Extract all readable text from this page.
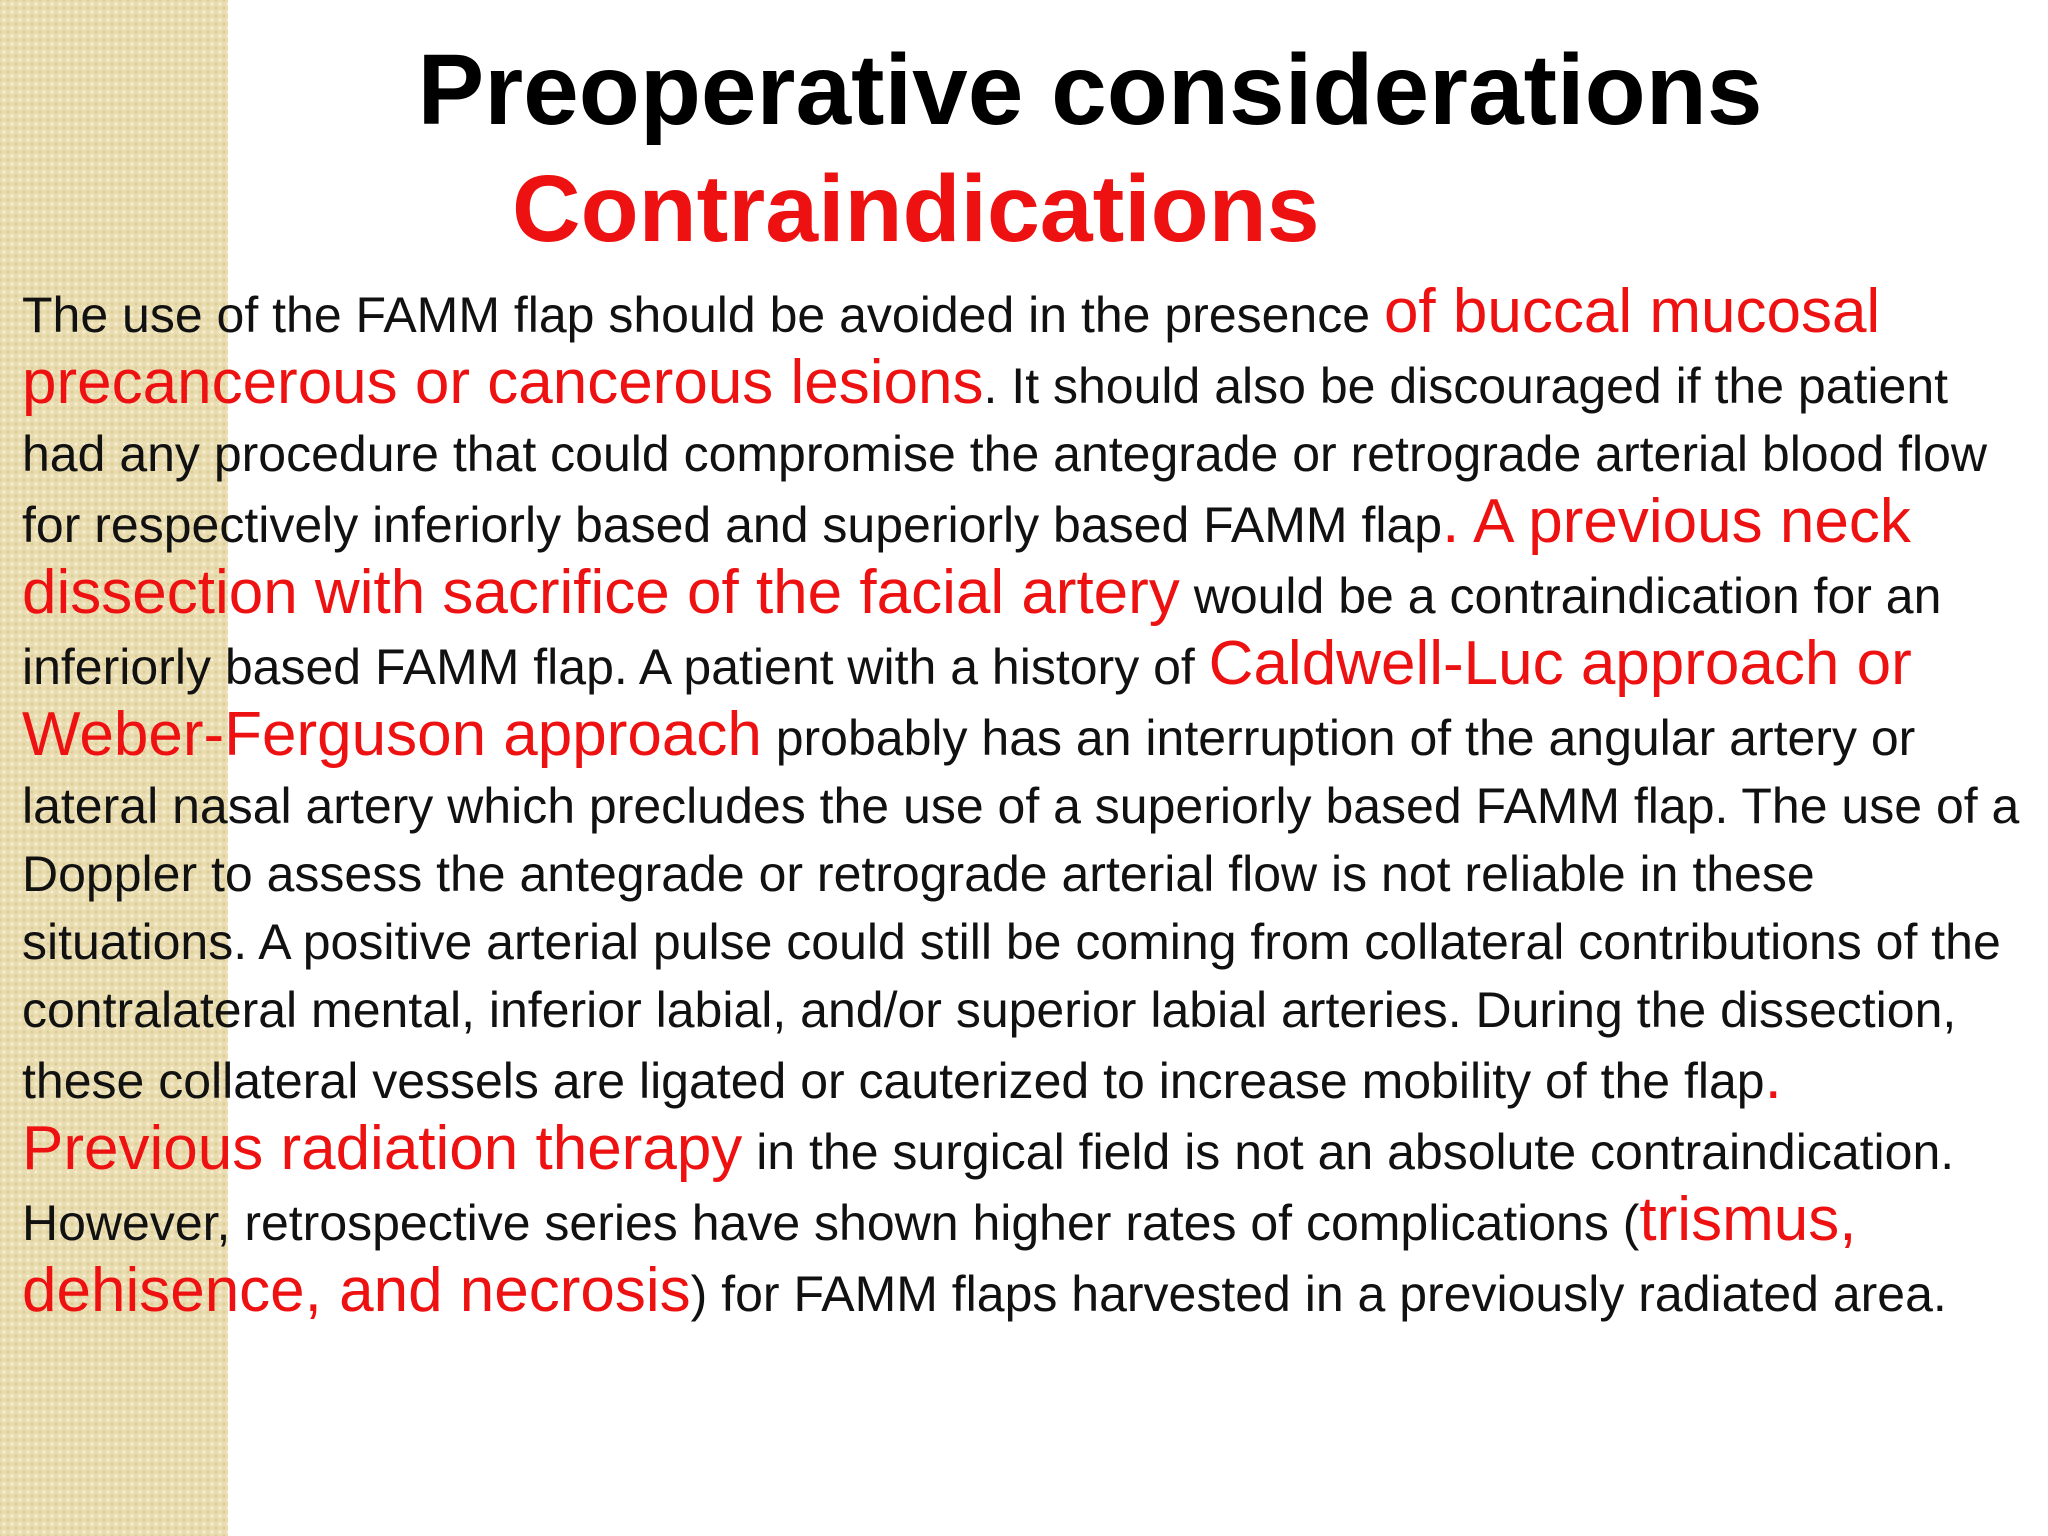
Preoperative considerations
Contraindications

The use of the FAMM flap should be avoided in the presence of buccal mucosal precancerous or cancerous lesions. It should also be discouraged if the patient had any procedure that could compromise the antegrade or retrograde arterial blood flow for respectively inferiorly based and superiorly based FAMM flap. A previous neck dissection with sacrifice of the facial artery would be a contraindication for an inferiorly based FAMM flap. A patient with a history of Caldwell-Luc approach or Weber-Ferguson approach probably has an interruption of the angular artery or lateral nasal artery which precludes the use of a superiorly based FAMM flap. The use of a Doppler to assess the antegrade or retrograde arterial flow is not reliable in these situations. A positive arterial pulse could still be coming from collateral contributions of the contralateral mental, inferior labial, and/or superior labial arteries. During the dissection, these collateral vessels are ligated or cauterized to increase mobility of the flap. Previous radiation therapy in the surgical field is not an absolute contraindication. However, retrospective series have shown higher rates of complications (trismus, dehisence, and necrosis) for FAMM flaps harvested in a previously radiated area.
